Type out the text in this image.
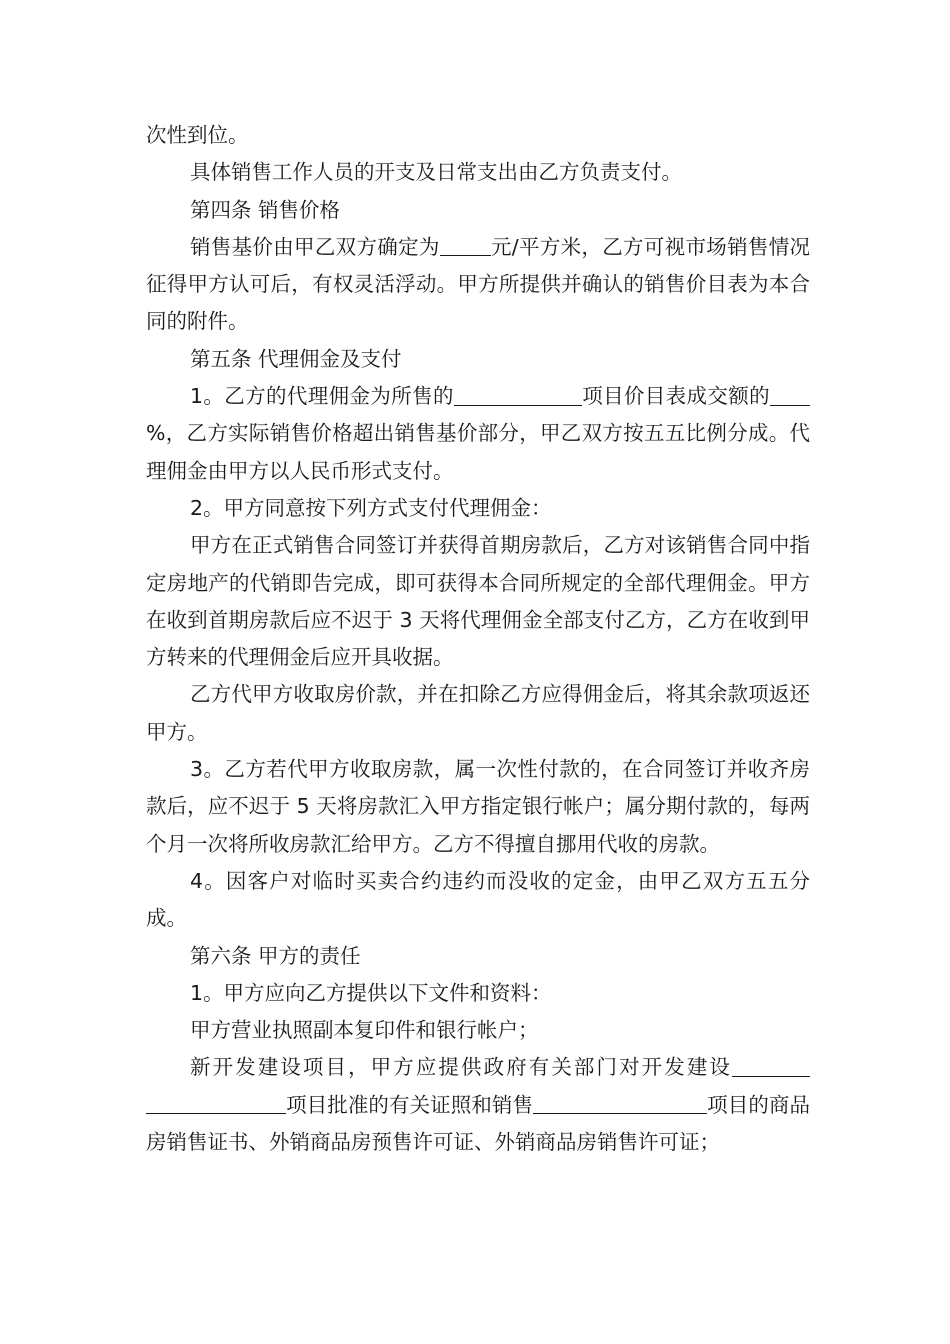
次性到位。

具体销售工作人员的开支及日常支出由乙方负责支付。

第四条 销售价格

销售基价由甲乙双方确定为 元/平方米，乙方可视市场销售情况征得甲方认可后，有权灵活浮动。甲方所提供并确认的销售价目表为本合同的附件。

第五条 代理佣金及支付

1。乙方的代理佣金为所售的	项目价目表成交额的%，乙方实际销售价格超出销售基价部分，甲乙双方按五五比例分成。代理佣金由甲方以人民币形式支付。

2。甲方同意按下列方式支付代理佣金：

甲方在正式销售合同签订并获得首期房款后，乙方对该销售合同中指定房地产的代销即告完成，即可获得本合同所规定的全部代理佣金。甲方在收到首期房款后应不迟于 3 天将代理佣金全部支付乙方，乙方在收到甲方转来的代理佣金后应开具收据。

乙方代甲方收取房价款，并在扣除乙方应得佣金后，将其余款项返还甲方。

3。乙方若代甲方收取房款，属一次性付款的，在合同签订并收齐房款后，应不迟于 5 天将房款汇入甲方指定银行帐户；属分期付款的，每两个月一次将所收房款汇给甲方。乙方不得擅自挪用代收的房款。

4。因客户对临时买卖合约违约而没收的定金，由甲乙双方五五分成。

第六条 甲方的责任

1。甲方应向乙方提供以下文件和资料：

甲方营业执照副本复印件和银行帐户；

新开发建设项目，甲方应提供政府有关部门对开发建设项目批准的有关证照和销售	项目的商品房销售证书、外销商品房预售许可证、外销商品房销售许可证；
